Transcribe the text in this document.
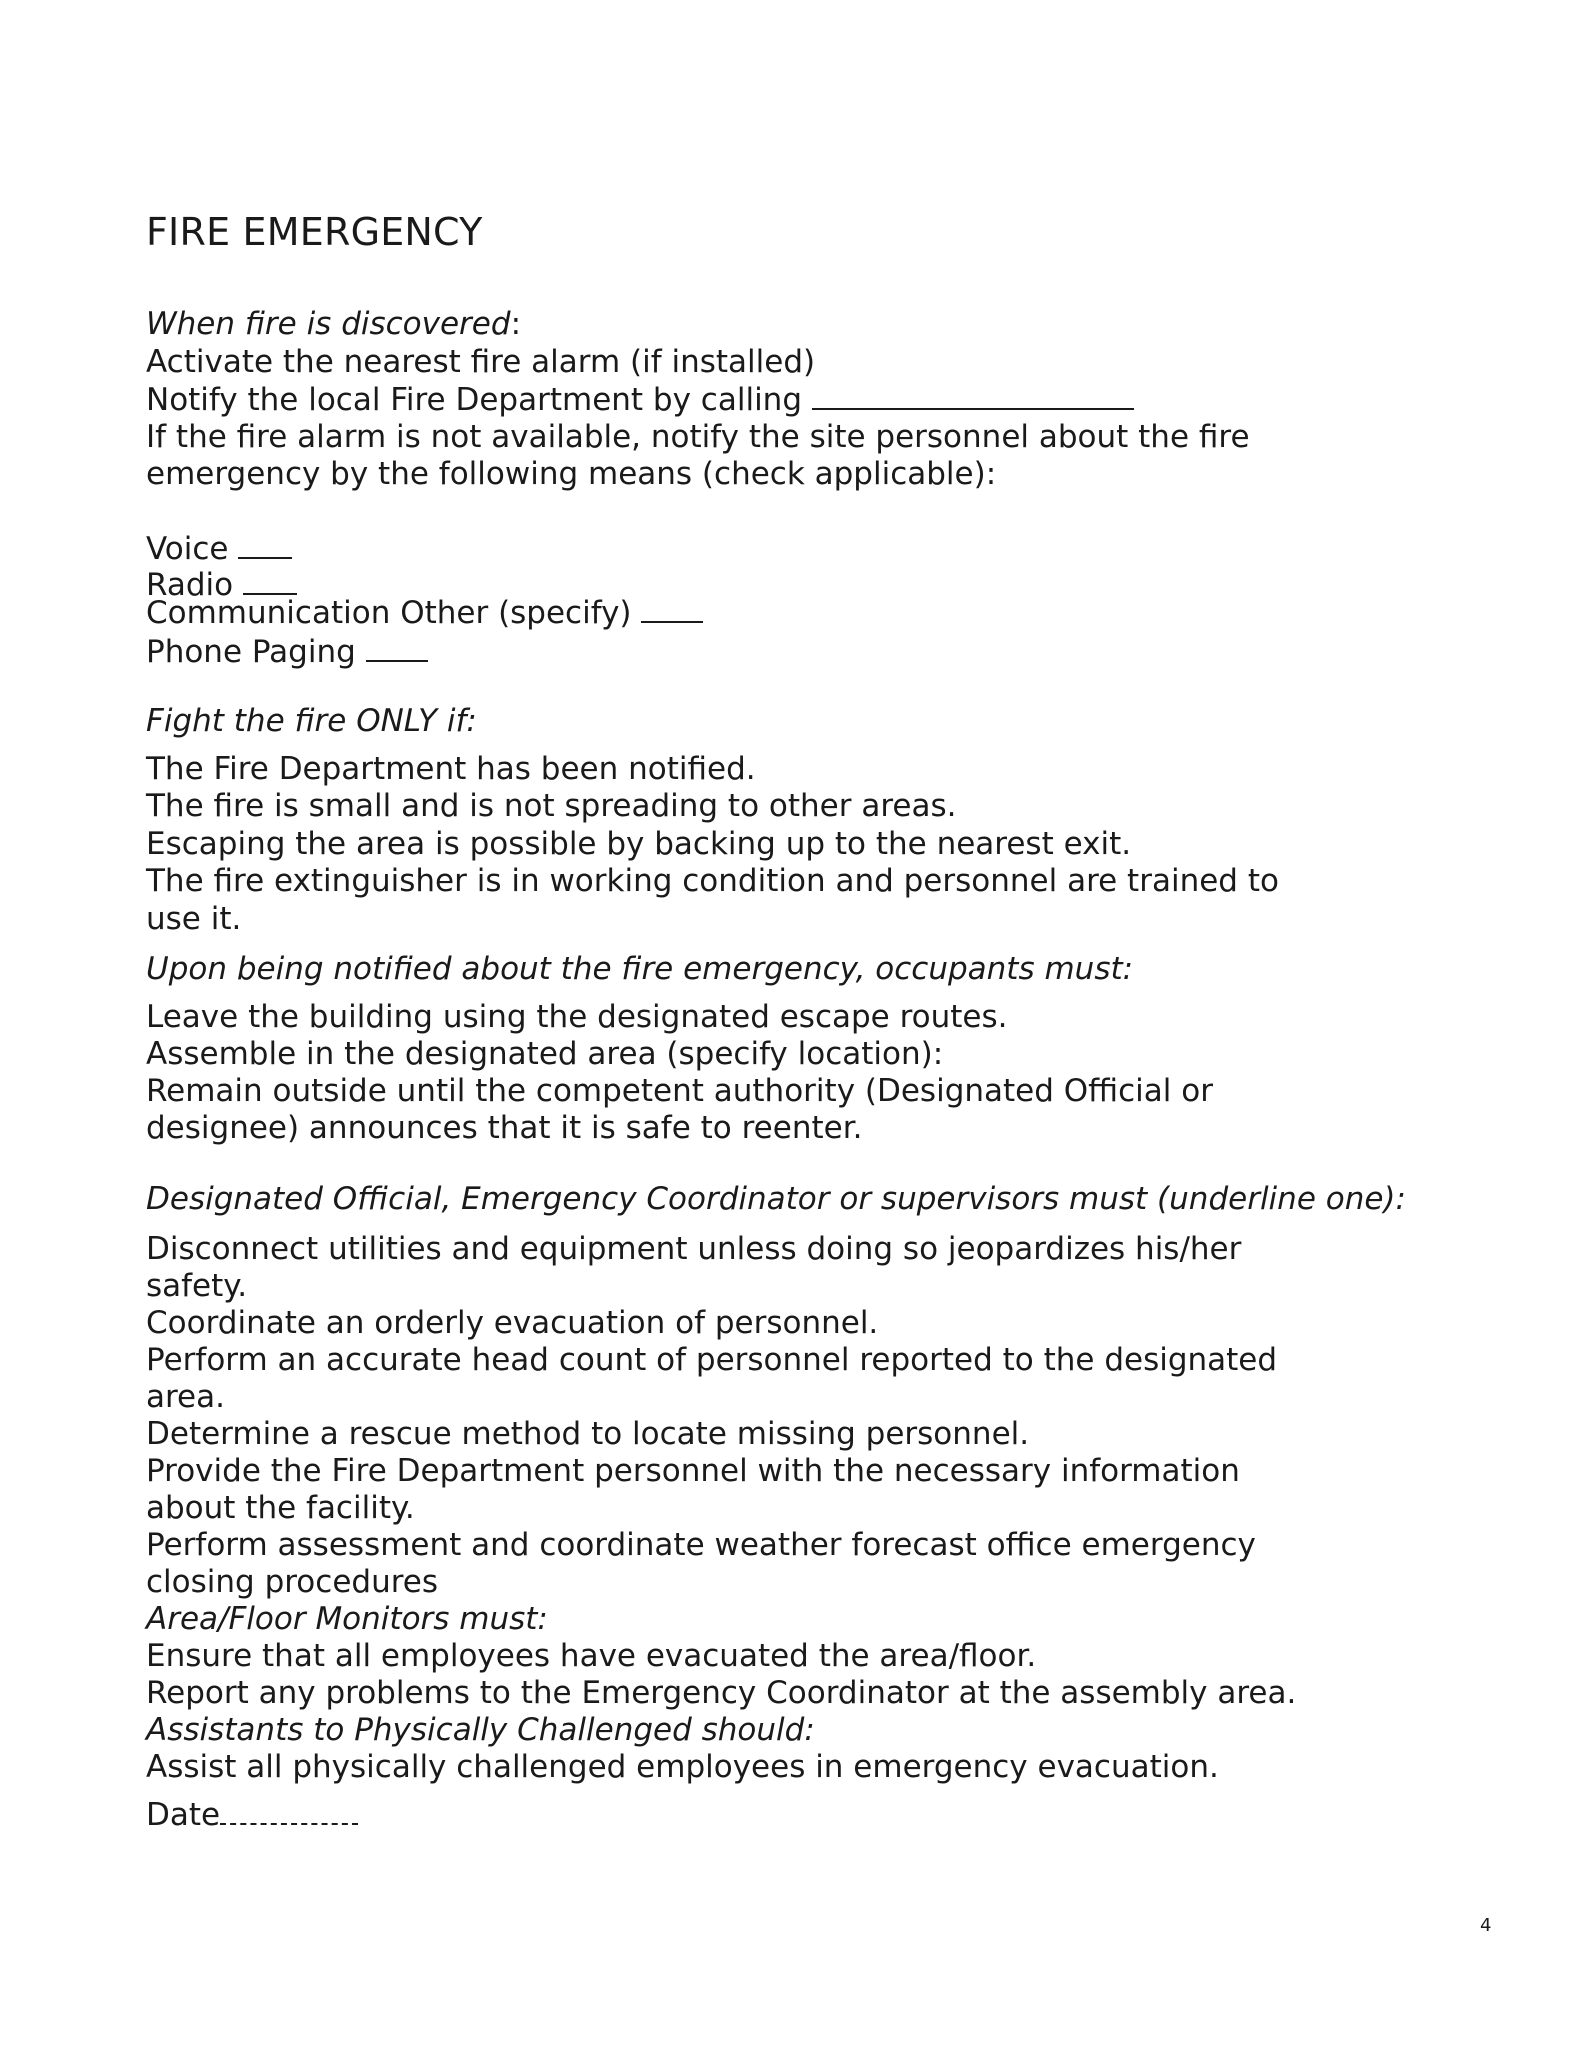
FIRE EMERGENCY

When fire is discovered:

Activate the nearest fire alarm (if installed)

Notify the local Fire Department by calling

If the fire alarm is not available, notify the site personnel about the fire

emergency by the following means (check applicable):

Voice

Radio

Communication Other (specify)

Phone Paging

Fight the fire ONLY if:

The Fire Department has been notified.

The fire is small and is not spreading to other areas.

Escaping the area is possible by backing up to the nearest exit.

The fire extinguisher is in working condition and personnel are trained to

use it.

Upon being notified about the fire emergency, occupants must:

Leave the building using the designated escape routes.

Assemble in the designated area (specify location):

Remain outside until the competent authority (Designated Official or

designee) announces that it is safe to reenter.

Designated Official, Emergency Coordinator or supervisors must (underline one):

Disconnect utilities and equipment unless doing so jeopardizes his/her

safety.

Coordinate an orderly evacuation of personnel.

Perform an accurate head count of personnel reported to the designated

area.

Determine a rescue method to locate missing personnel.

Provide the Fire Department personnel with the necessary information

about the facility.

Perform assessment and coordinate weather forecast office emergency

closing procedures

Area/Floor Monitors must:

Ensure that all employees have evacuated the area/floor.

Report any problems to the Emergency Coordinator at the assembly area.

Assistants to Physically Challenged should:

Assist all physically challenged employees in emergency evacuation.

Date

4
